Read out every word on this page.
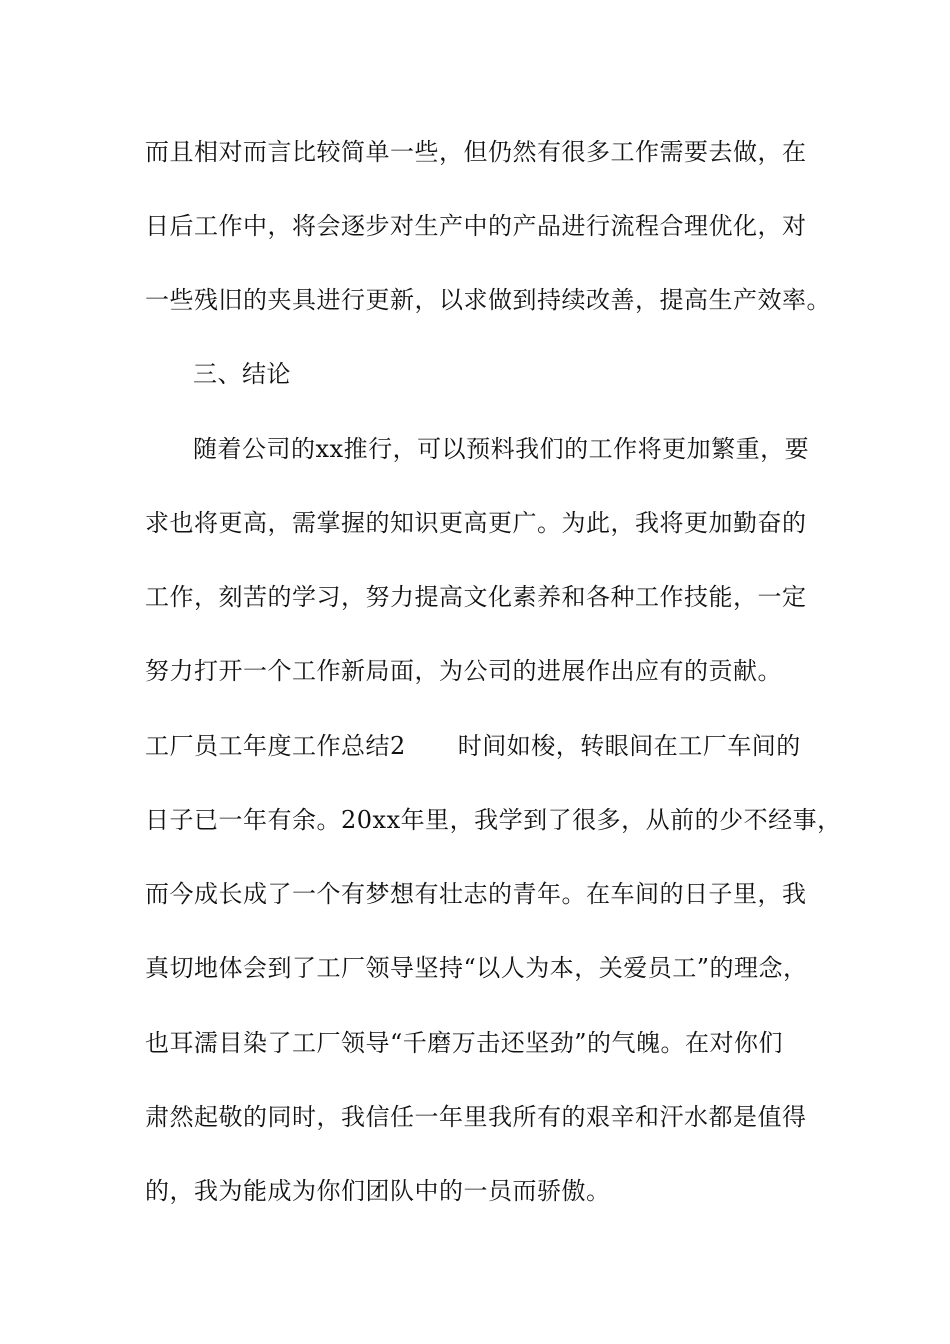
而且相对而言比较简单一些，但仍然有很多工作需要去做，在
日后工作中，将会逐步对生产中的产品进行流程合理优化，对
一些残旧的夹具进行更新，以求做到持续改善，提高生产效率。
三、结论
随着公司的xx推行，可以预料我们的工作将更加繁重，要
求也将更高，需掌握的知识更高更广。为此，我将更加勤奋的
工作，刻苦的学习，努力提高文化素养和各种工作技能，一定
努力打开一个工作新局面，为公司的进展作出应有的贡献。
工厂员工年度工作总结2 时间如梭，转眼间在工厂车间的
日子已一年有余。20xx年里，我学到了很多，从前的少不经事，
而今成长成了一个有梦想有壮志的青年。在车间的日子里，我
真切地体会到了工厂领导坚持“以人为本，关爱员工”的理念，
也耳濡目染了工厂领导“千磨万击还坚劲”的气魄。在对你们
肃然起敬的同时，我信任一年里我所有的艰辛和汗水都是值得
的，我为能成为你们团队中的一员而骄傲。
